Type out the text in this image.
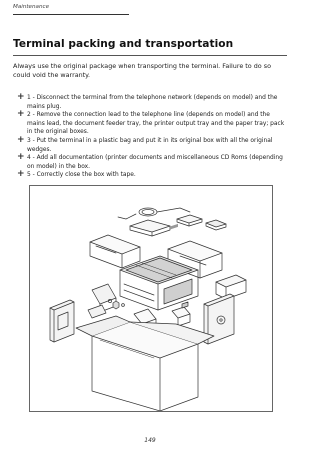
Maintenance
Terminal packing and transportation
Always use the original package when transporting the terminal. Failure to do so could void the warranty.
+ 1 - Disconnect the terminal from the telephone network (depends on model) and the mains plug.
+ 2 - Remove the connection lead to the telephone line (depends on model) and the mains lead, the document feeder tray, the printer output tray and the paper tray; pack in the original boxes.
+ 3 - Put the terminal in a plastic bag and put it in its original box with all the original wedges.
+ 4 - Add all documentation (printer documents and miscellaneous CD Roms (depending on model) in the box.
+ 5 - Correctly close the box with tape.
149
